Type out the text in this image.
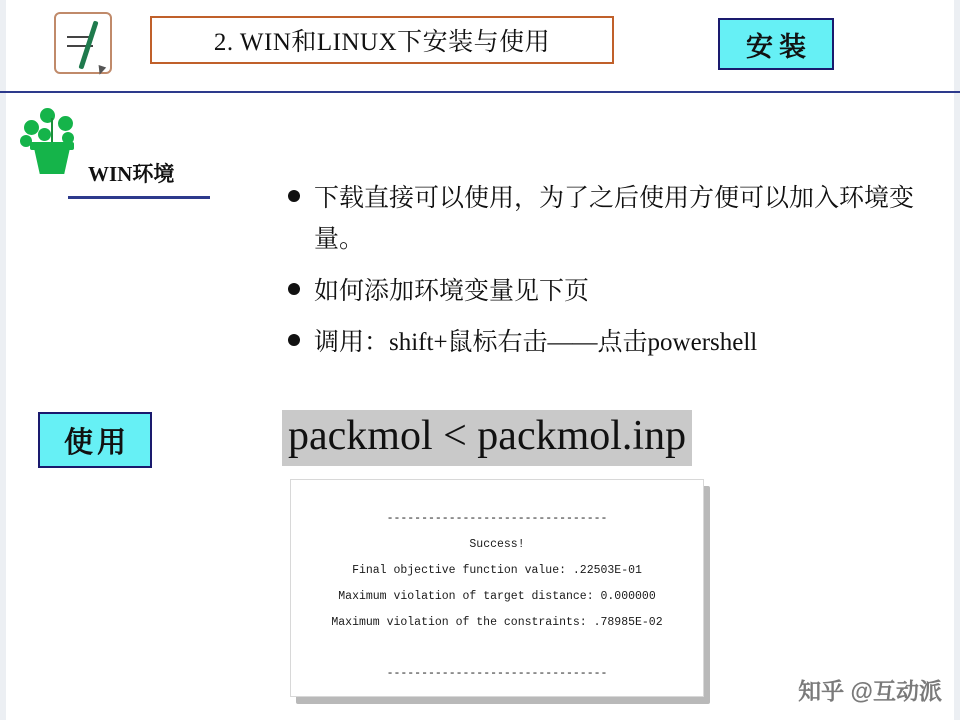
2. WIN和LINUX下安装与使用	安装
WIN环境
下载直接可以使用，为了之后使用方便可以加入环境变量。
如何添加环境变量见下页
调用：shift+鼠标右击——点击powershell
使用	packmol < packmol.inp
--------------------------------
Success!
Final objective function value: .22503E-01
Maximum violation of target distance: 0.000000
Maximum violation of the constraints: .78985E-02

--------------------------------
知乎 @互动派
